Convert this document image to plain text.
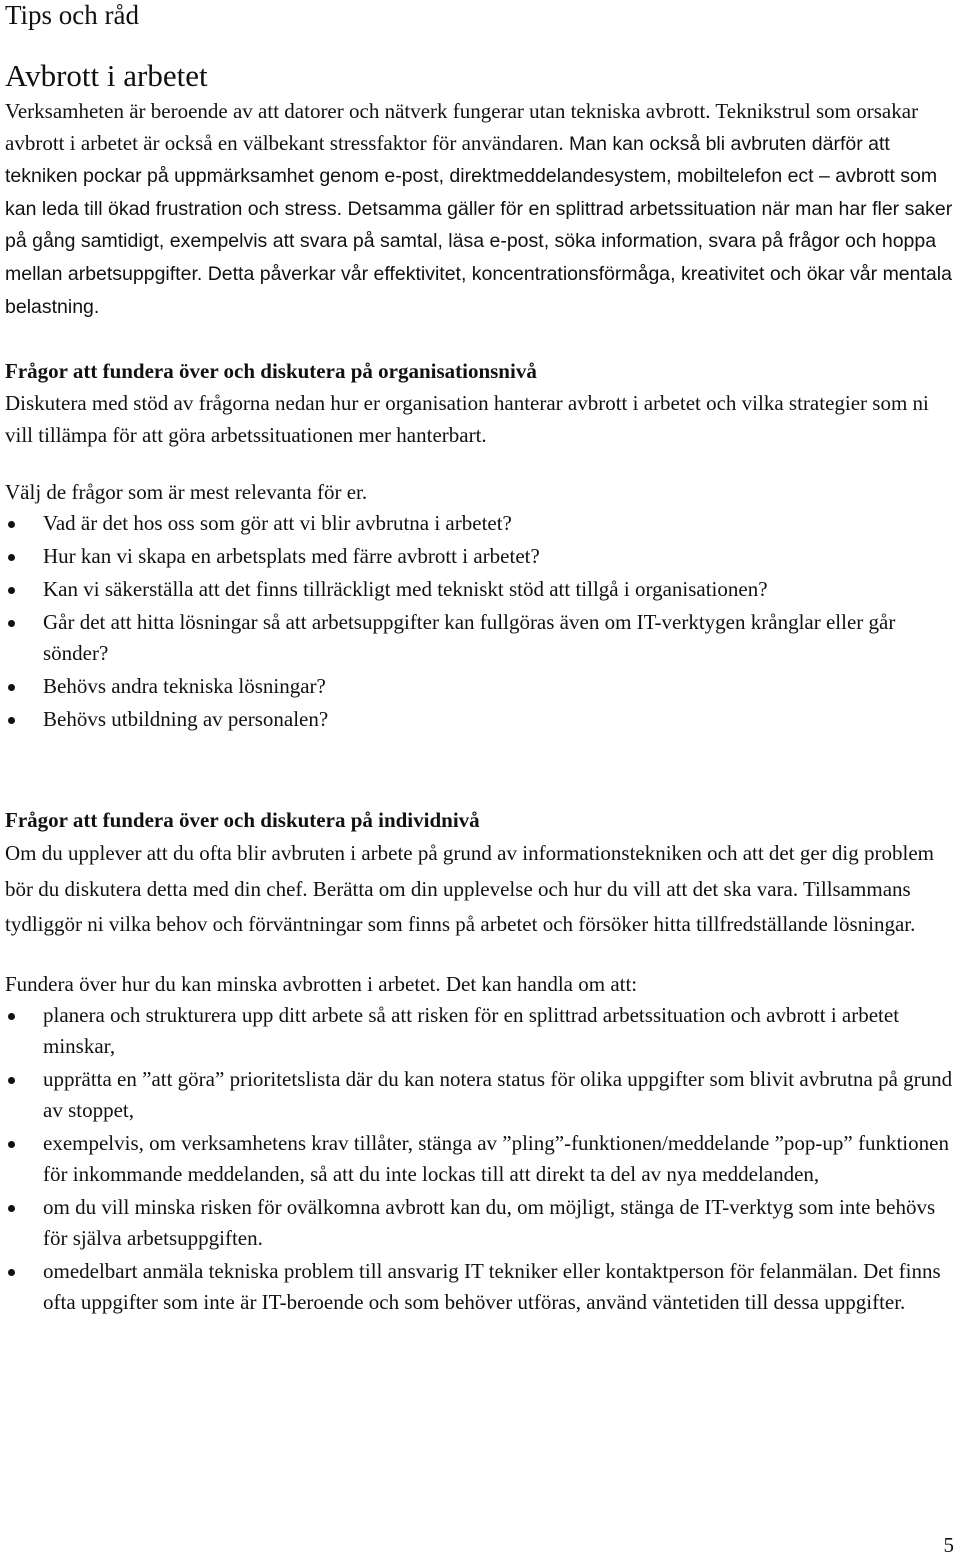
Tips och råd
Avbrott i arbetet

Verksamheten är beroende av att datorer och nätverk fungerar utan tekniska avbrott. Teknikstrul som orsakar avbrott i arbetet är också en välbekant stressfaktor för användaren. Man kan också bli avbruten därför att tekniken pockar på uppmärksamhet genom e-post, direktmeddelandesystem, mobiltelefon ect – avbrott som kan leda till ökad frustration och stress. Detsamma gäller för en splittrad arbetssituation när man har fler saker på gång samtidigt, exempelvis att svara på samtal, läsa e-post, söka information, svara på frågor och hoppa mellan arbetsuppgifter. Detta påverkar vår effektivitet, koncentrationsförmåga, kreativitet och ökar vår mentala belastning.

Frågor att fundera över och diskutera på organisationsnivå

Diskutera med stöd av frågorna nedan hur er organisation hanterar avbrott i arbetet och vilka strategier som ni vill tillämpa för att göra arbetssituationen mer hanterbart.

Välj de frågor som är mest relevanta för er.

Vad är det hos oss som gör att vi blir avbrutna i arbetet?
Hur kan vi skapa en arbetsplats med färre avbrott i arbetet?
Kan vi säkerställa att det finns tillräckligt med tekniskt stöd att tillgå i organisationen?
Går det att hitta lösningar så att arbetsuppgifter kan fullgöras även om IT-verktygen krånglar eller går sönder?
Behövs andra tekniska lösningar?
Behövs utbildning av personalen?
Frågor att fundera över och diskutera på individnivå

Om du upplever att du ofta blir avbruten i arbete på grund av informationstekniken och att det ger dig problem bör du diskutera detta med din chef. Berätta om din upplevelse och hur du vill att det ska vara. Tillsammans tydliggör ni vilka behov och förväntningar som finns på arbetet och försöker hitta tillfredställande lösningar.

Fundera över hur du kan minska avbrotten i arbetet. Det kan handla om att:

planera och strukturera upp ditt arbete så att risken för en splittrad arbetssituation och avbrott i arbetet minskar,
upprätta en ”att göra” prioritetslista där du kan notera status för olika uppgifter som blivit avbrutna på grund av stoppet,
exempelvis, om verksamhetens krav tillåter, stänga av ”pling”-funktionen/meddelande ”pop-up” funktionen för inkommande meddelanden, så att du inte lockas till att direkt ta del av nya meddelanden,
om du vill minska risken för ovälkomna avbrott kan du, om möjligt, stänga de IT-verktyg som inte behövs för själva arbetsuppgiften.
omedelbart anmäla tekniska problem till ansvarig IT tekniker eller kontaktperson för felanmälan. Det finns ofta uppgifter som inte är IT-beroende och som behöver utföras, använd väntetiden till dessa uppgifter.
5
